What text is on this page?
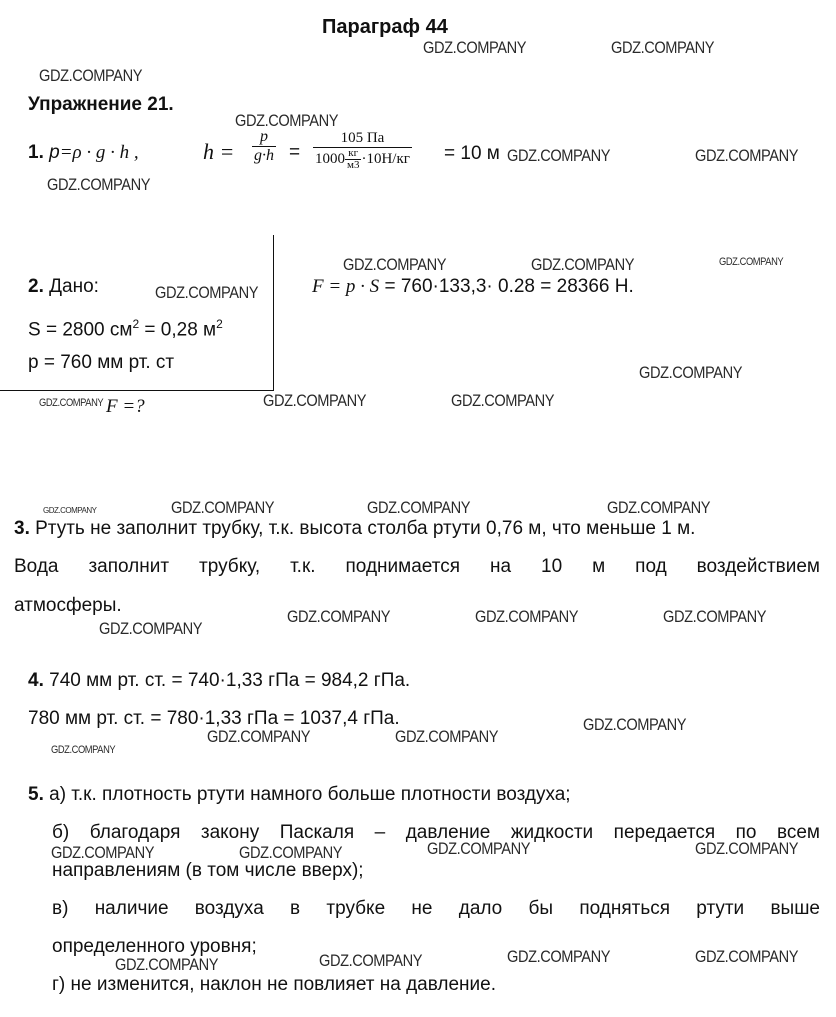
Параграф 44
Упражнение 21.
1. p=ρ · g · h ,	$h = \frac{p}{g\cdot h} = \frac{105 Па}{1000 \frac{кг}{м3} \cdot 10Н/кг} = 10$ м
2. Дано:
S = 2800 $см^2 = 0,28$ $м^2$
p = 760 мм рт. ст
F =?
F = p · S = 760·133,3· 0.28 = 28366 Н.
3. Ртуть не заполнит трубку, т.к. высота столба ртути 0,76 м, что меньше 1 м.
Вода заполнит трубку, т.к. поднимается на 10 м под воздействием
атмосферы.
4. 740 мм рт. ст. = 740·1,33 гПа = 984,2 гПа.
780 мм рт. ст. = 780·1,33 гПа = 1037,4 гПа.
5. а) т.к. плотность ртути намного больше плотности воздуха;
б) благодаря закону Паскаля – давление жидкости передается по всем
направлениям (в том числе вверх);
в) наличие воздуха в трубке не дало бы подняться ртути выше
определенного уровня;
г) не изменится, наклон не повлияет на давление.
GDZ.COMPANY	GDZ.COMPANY
GDZ.COMPANY
GDZ.COMPANY
GDZ.COMPANY	GDZ.COMPANY
GDZ.COMPANY
GDZ.COMPANY	GDZ.COMPANY	GDZ.COMPANY
GDZ.COMPANY
GDZ.COMPANY
GDZ.COMPANY	GDZ.COMPANY	GDZ.COMPANY
GDZ.COMPANY	GDZ.COMPANY	GDZ.COMPANY	GDZ.COMPANY
GDZ.COMPANY	GDZ.COMPANY	GDZ.COMPANY
GDZ.COMPANY
GDZ.COMPANY
GDZ.COMPANY	GDZ.COMPANY
GDZ.COMPANY
GDZ.COMPANY	GDZ.COMPANY
GDZ.COMPANY	GDZ.COMPANY
GDZ.COMPANY	GDZ.COMPANY
GDZ.COMPANY
GDZ.COMPANY
